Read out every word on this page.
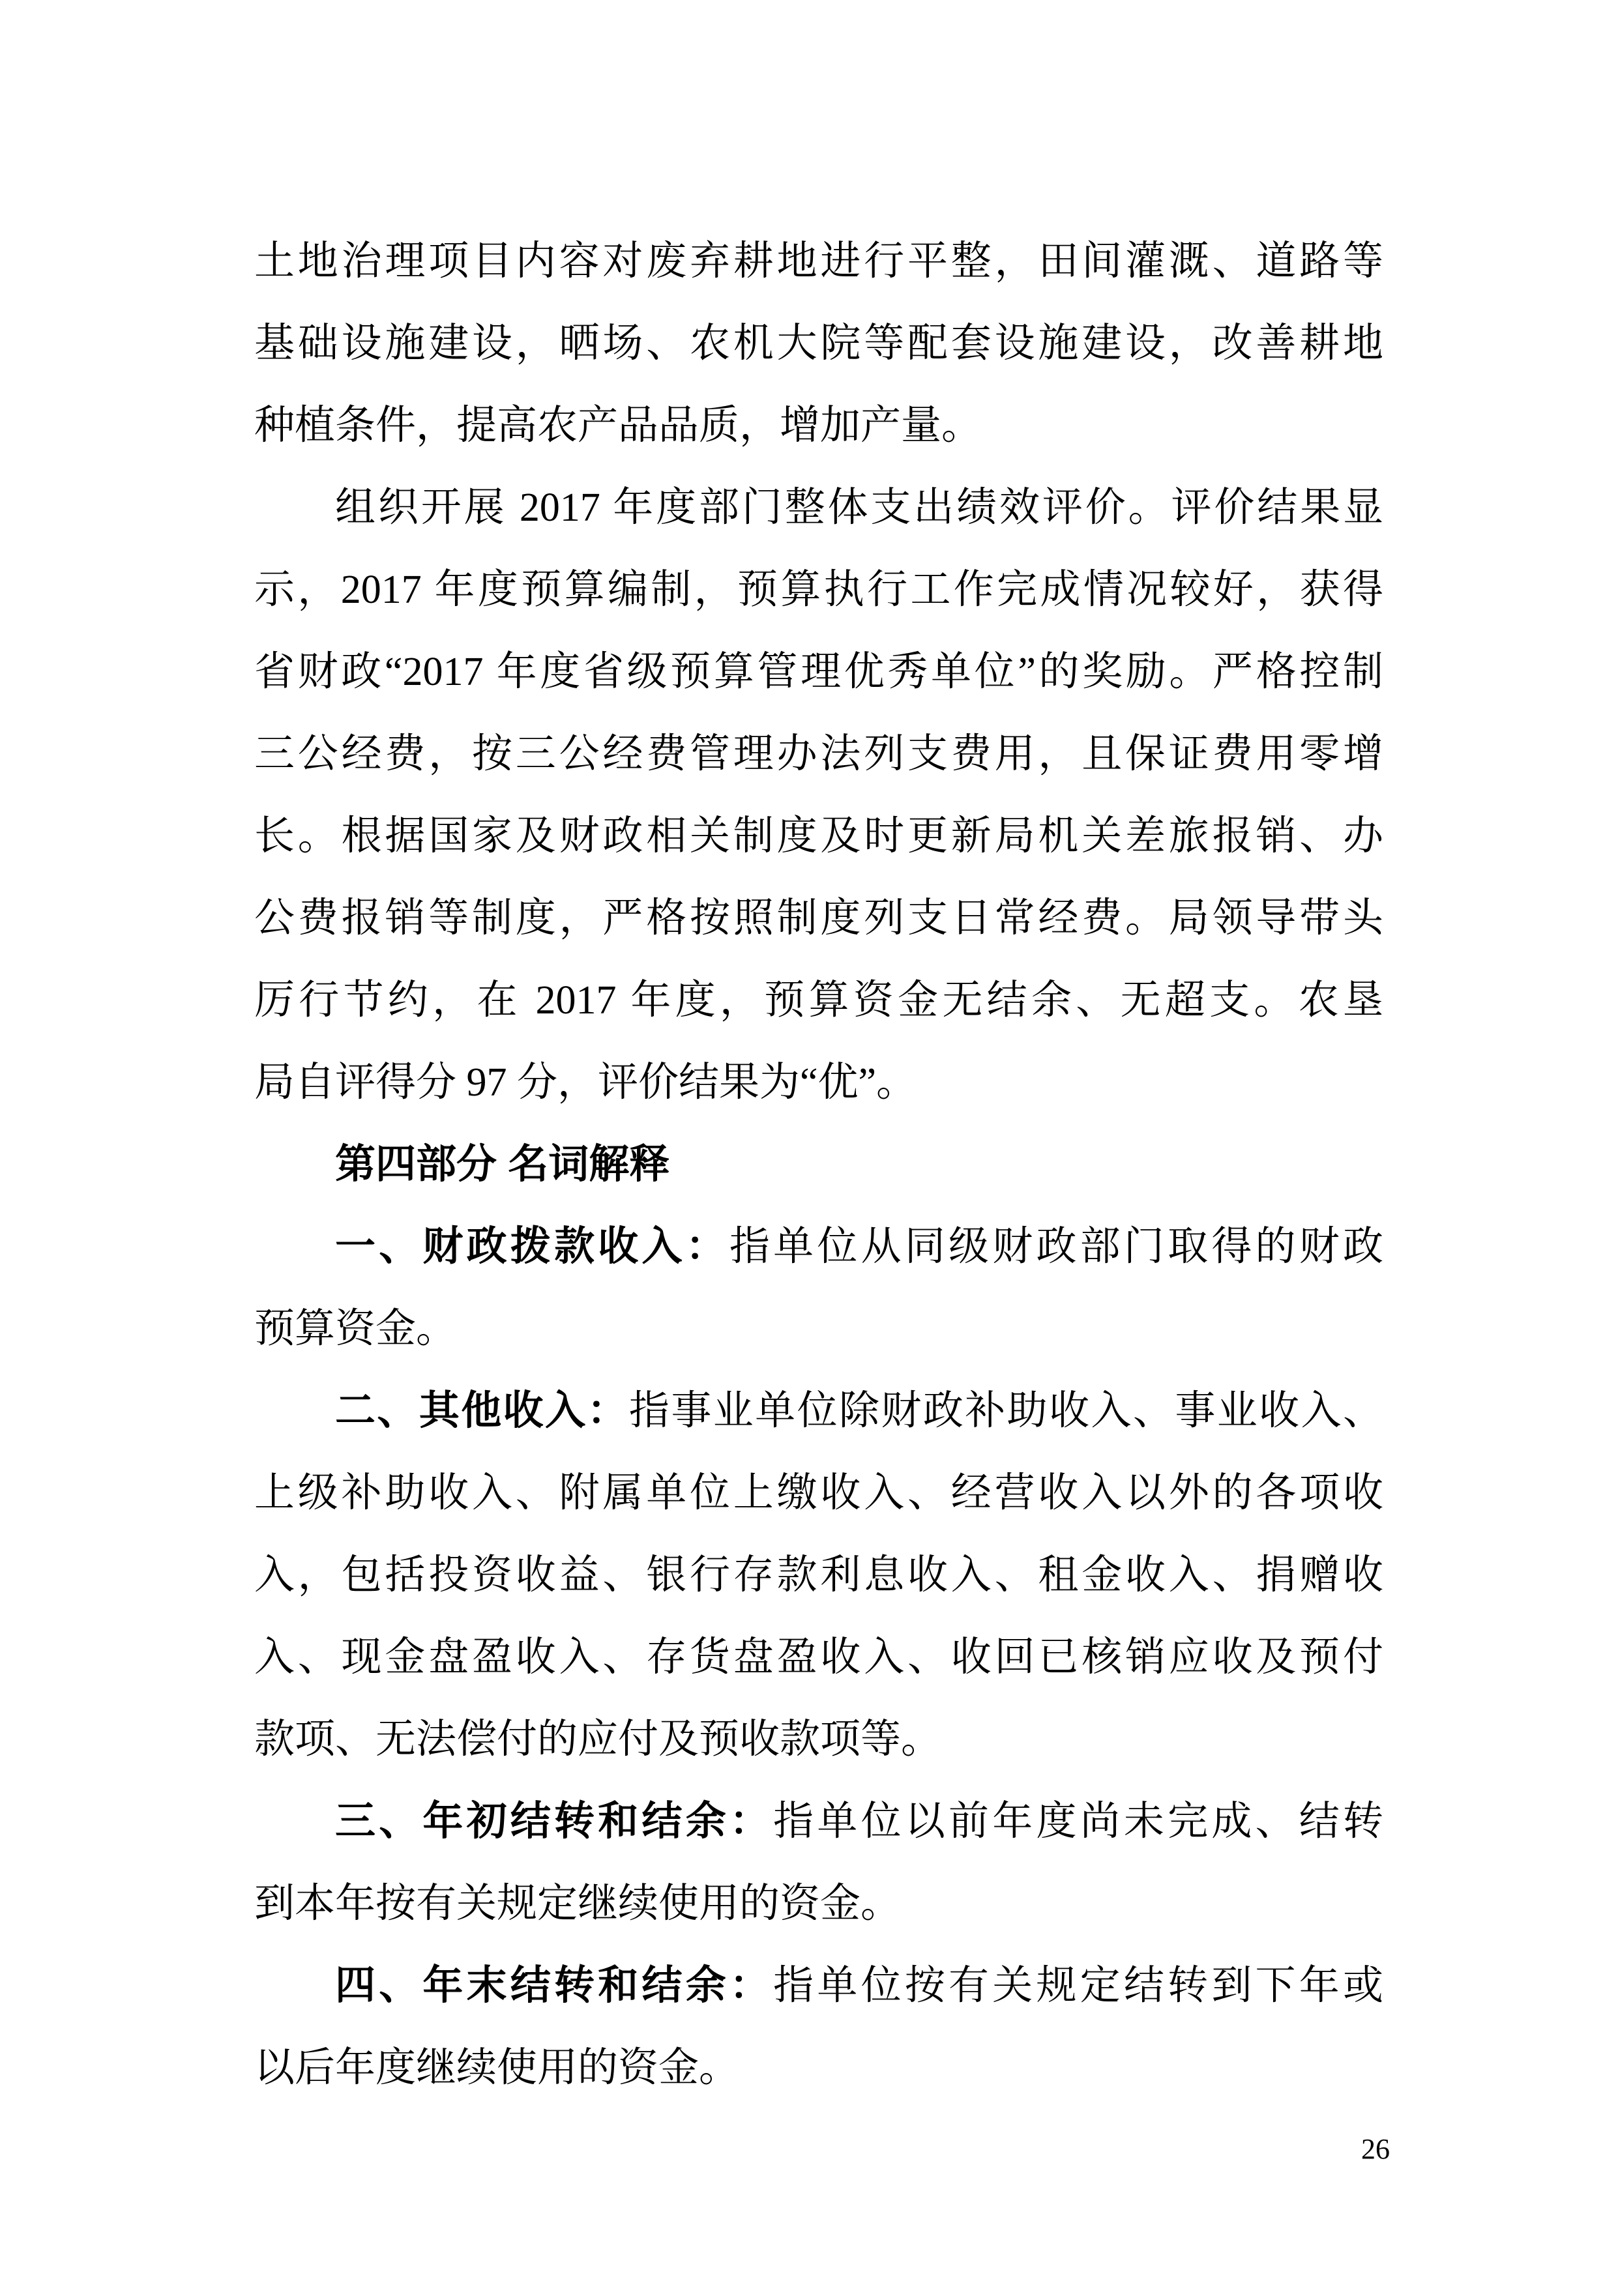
土地治理项目内容对废弃耕地进行平整，田间灌溉、道路等
基础设施建设，晒场、农机大院等配套设施建设，改善耕地
种植条件，提高农产品品质，增加产量。
组织开展 2017 年度部门整体支出绩效评价。评价结果显
示，2017 年度预算编制，预算执行工作完成情况较好，获得
省财政“2017 年度省级预算管理优秀单位”的奖励。严格控制
三公经费，按三公经费管理办法列支费用，且保证费用零增
长。根据国家及财政相关制度及时更新局机关差旅报销、办
公费报销等制度，严格按照制度列支日常经费。局领导带头
厉行节约，在 2017 年度，预算资金无结余、无超支。农垦
局自评得分 97 分，评价结果为“优”。
第四部分 名词解释
一、财政拨款收入：指单位从同级财政部门取得的财政
预算资金。
二、其他收入：指事业单位除财政补助收入、事业收入、
上级补助收入、附属单位上缴收入、经营收入以外的各项收
入，包括投资收益、银行存款利息收入、租金收入、捐赠收
入、现金盘盈收入、存货盘盈收入、收回已核销应收及预付
款项、无法偿付的应付及预收款项等。
三、年初结转和结余：指单位以前年度尚未完成、结转
到本年按有关规定继续使用的资金。
四、年末结转和结余：指单位按有关规定结转到下年或
以后年度继续使用的资金。
26
